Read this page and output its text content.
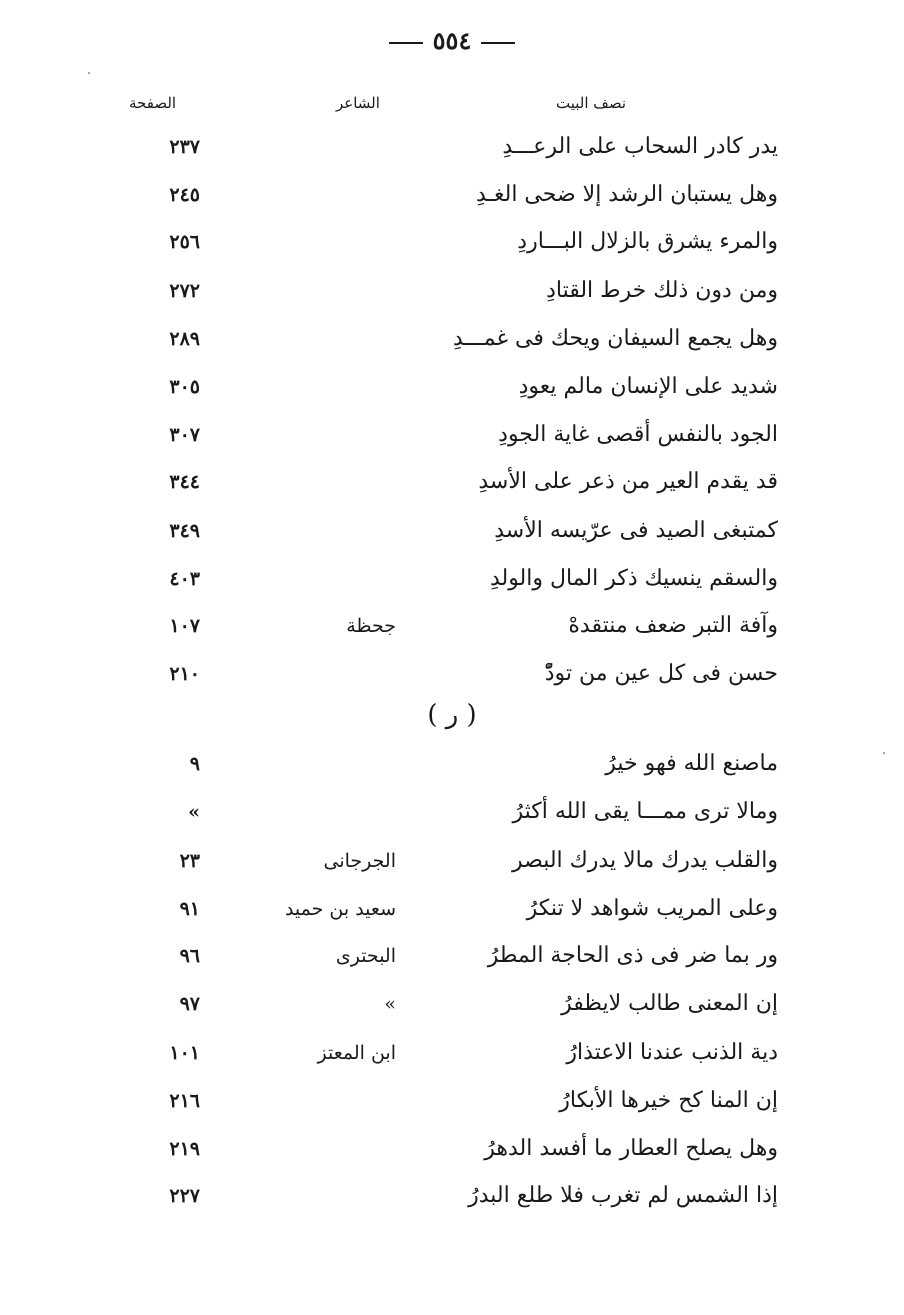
٥٥٤
نصف البيت
الشاعر
الصفحة
يدر كادر السحاب على الرعـــدِ
٢٣٧
وهل يستبان الرشد إلا ضحى الغـدِ
٢٤٥
والمرء يشرق بالزلال البـــاردِ
٢٥٦
ومن دون ذلك خرط القتادِ
٢٧٢
وهل يجمع السيفان ويحك فى غمـــدِ
٢٨٩
شديد على الإنسان مالم يعودِ
٣٠٥
الجود بالنفس أقصى غاية الجودِ
٣٠٧
قد يقدم العير من ذعر على الأسدِ
٣٤٤
كمتبغى الصيد فى عرّيسه الأسدِ
٣٤٩
والسقم ينسيك ذكر المال والولدِ
٤٠٣
وآفة التبر ضعف منتقدهْ
جحظة
١٠٧
حسن فى كل عين من تودّْ
٢١٠
( ر )
ماصنع الله فهو خيرُ
٩
ومالا ترى ممـــا يقى الله أكثرُ
»
والقلب يدرك مالا يدرك البصر
الجرجانى
٢٣
وعلى المريب شواهد لا تنكرُ
سعيد بن حميد
٩١
ور بما ضر فى ذى الحاجة المطرُ
البحترى
٩٦
إن المعنى طالب لايظفرُ
»
٩٧
دية الذنب عندنا الاعتذارُ
ابن المعتز
١٠١
إن المنا كح خيرها الأبكارُ
٢١٦
وهل يصلح العطار ما أفسد الدهرُ
٢١٩
إذا الشمس لم تغرب فلا طلع البدرُ
٢٢٧
